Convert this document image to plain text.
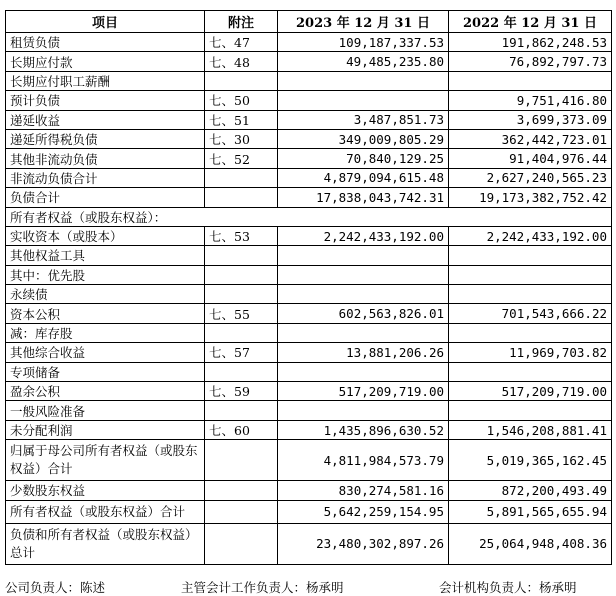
项目	附注	2023 年 12 月 31 日	2022 年 12 月 31 日
租赁负债	七、47	109,187,337.53	191,862,248.53
长期应付款	七、48	49,485,235.80	76,892,797.73
长期应付职工薪酬			
预计负债	七、50		9,751,416.80
递延收益	七、51	3,487,851.73	3,699,373.09
递延所得税负债	七、30	349,009,805.29	362,442,723.01
其他非流动负债	七、52	70,840,129.25	91,404,976.44
非流动负债合计		4,879,094,615.48	2,627,240,565.23
负债合计		17,838,043,742.31	19,173,382,752.42
所有者权益（或股东权益）：			
实收资本（或股本）	七、53	2,242,433,192.00	2,242,433,192.00
其他权益工具			
其中：优先股			
永续债			
资本公积	七、55	602,563,826.01	701,543,666.22
减：库存股			
其他综合收益	七、57	13,881,206.26	11,969,703.82
专项储备			
盈余公积	七、59	517,209,719.00	517,209,719.00
一般风险准备			
未分配利润	七、60	1,435,896,630.52	1,546,208,881.41
归属于母公司所有者权益（或股东权益）合计		4,811,984,573.79	5,019,365,162.45
少数股东权益		830,274,581.16	872,200,493.49
所有者权益（或股东权益）合计		5,642,259,154.95	5,891,565,655.94
负债和所有者权益（或股东权益）总计		23,480,302,897.26	25,064,948,408.36
公司负责人：陈述	主管会计工作负责人：杨承明	会计机构负责人：杨承明
